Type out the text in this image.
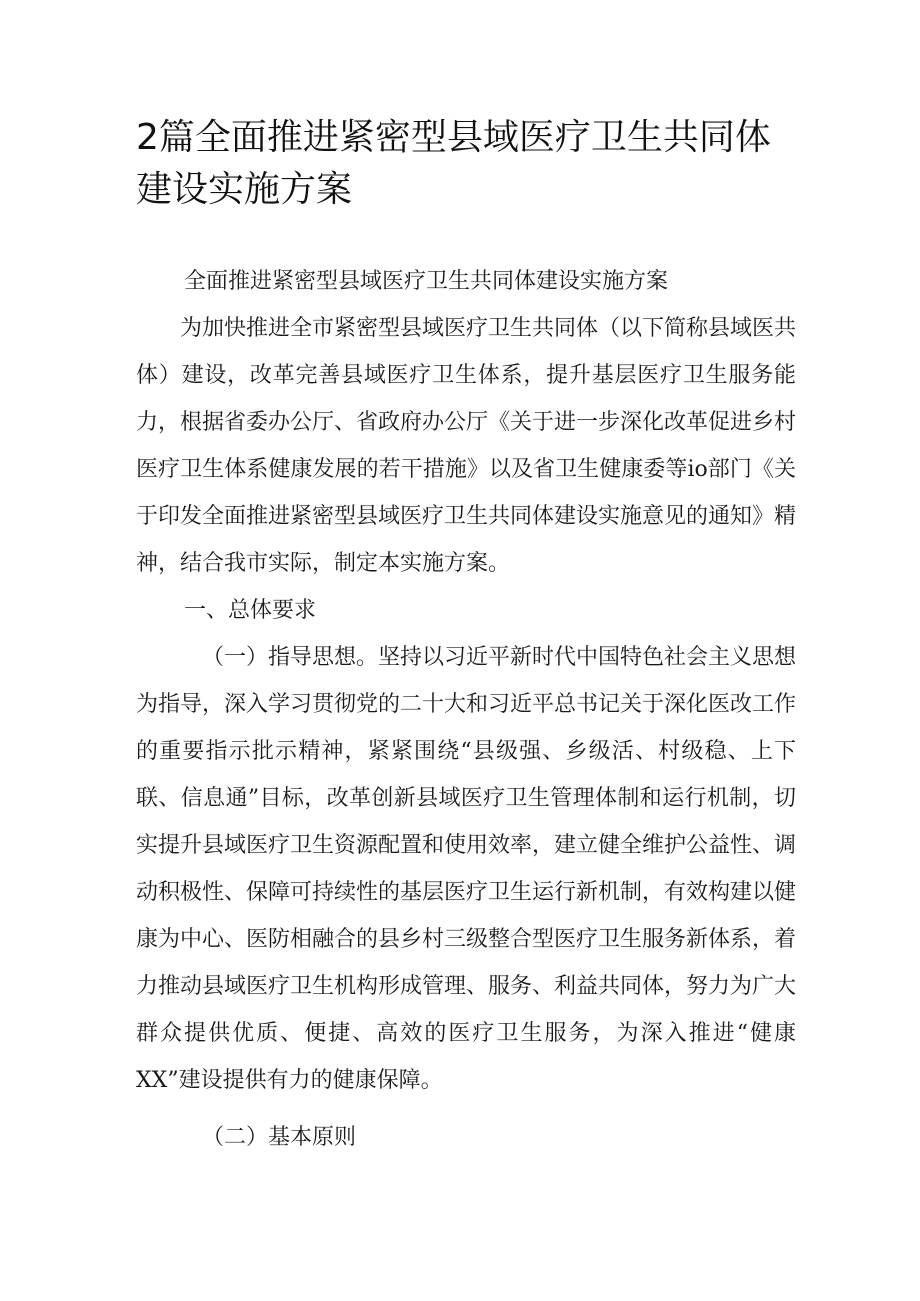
2篇全面推进紧密型县域医疗卫生共同体建设实施方案

全面推进紧密型县域医疗卫生共同体建设实施方案

为加快推进全市紧密型县域医疗卫生共同体（以下简称县域医共体）建设，改革完善县域医疗卫生体系，提升基层医疗卫生服务能力，根据省委办公厅、省政府办公厅《关于进一步深化改革促进乡村医疗卫生体系健康发展的若干措施》以及省卫生健康委等io部门《关于印发全面推进紧密型县域医疗卫生共同体建设实施意见的通知》精神，结合我市实际，制定本实施方案。

一、总体要求

（一）指导思想。坚持以习近平新时代中国特色社会主义思想为指导，深入学习贯彻党的二十大和习近平总书记关于深化医改工作的重要指示批示精神，紧紧围绕“县级强、乡级活、村级稳、上下联、信息通”目标，改革创新县域医疗卫生管理体制和运行机制，切实提升县域医疗卫生资源配置和使用效率，建立健全维护公益性、调动积极性、保障可持续性的基层医疗卫生运行新机制，有效构建以健康为中心、医防相融合的县乡村三级整合型医疗卫生服务新体系，着力推动县域医疗卫生机构形成管理、服务、利益共同体，努力为广大群众提供优质、便捷、高效的医疗卫生服务，为深入推进“健康XX”建设提供有力的健康保障。

（二）基本原则
